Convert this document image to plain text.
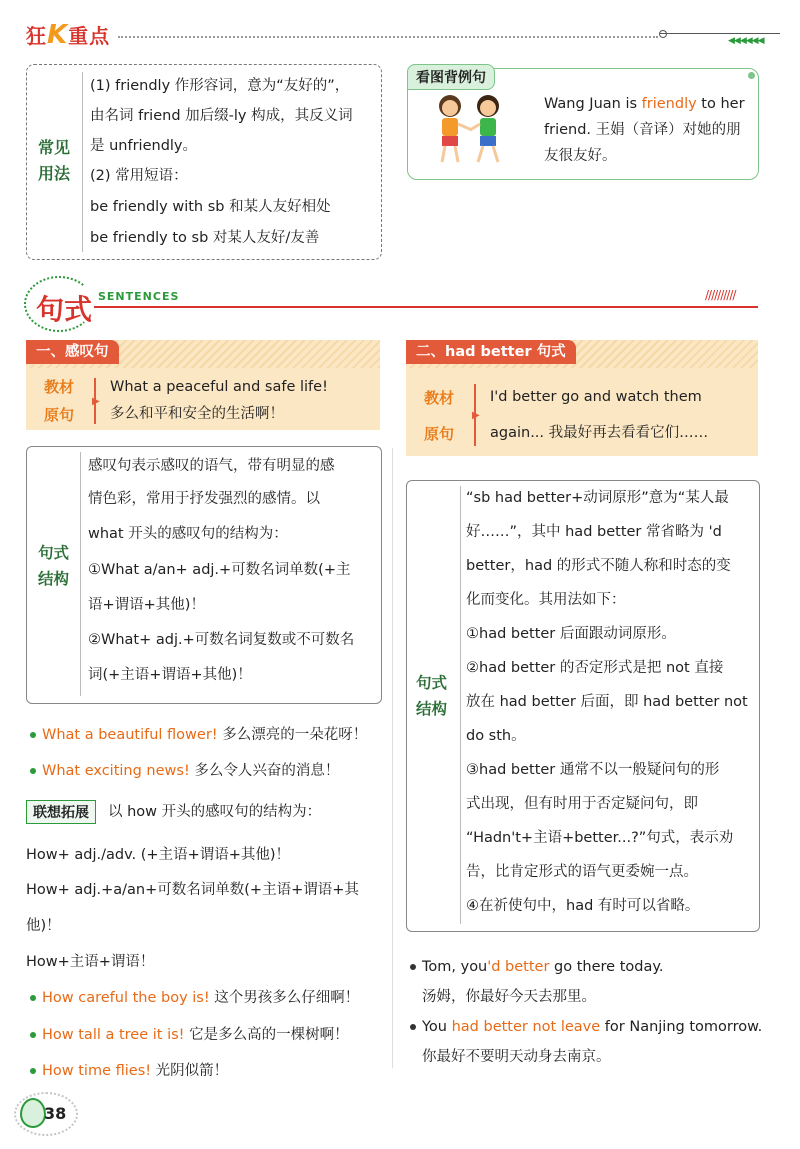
狂K重点	◀◀◀◀◀◀
常见
用法
(1) friendly 作形容词，意为“友好的”，
由名词 friend 加后缀-ly 构成，其反义词
是 unfriendly。
(2) 常用短语：
be friendly with sb 和某人友好相处
be friendly to sb 对某人友好/友善
看图背例句
Wang Juan is friendly to her
friend. 王娟（音译）对她的朋
友很友好。
句式 SENTENCES	//////////
一、感叹句
教材
原句
▶
What a peaceful and safe life!
多么和平和安全的生活啊！
句式
结构
感叹句表示感叹的语气，带有明显的感
情色彩，常用于抒发强烈的感情。以
what 开头的感叹句的结构为：
①What a/an+ adj.+可数名词单数(+主
语+谓语+其他)！
②What+ adj.+可数名词复数或不可数名
词(+主语+谓语+其他)！
What a beautiful flower! 多么漂亮的一朵花呀！
What exciting news! 多么令人兴奋的消息！
联想拓展	以 how 开头的感叹句的结构为：
How+ adj./adv. (+主语+谓语+其他)！
How+ adj.+a/an+可数名词单数(+主语+谓语+其
他)！
How+主语+谓语！
How careful the boy is! 这个男孩多么仔细啊！
How tall a tree it is! 它是多么高的一棵树啊！
How time flies! 光阴似箭！
二、had better 句式
教材
原句
▶
I'd better go and watch them
again... 我最好再去看看它们……
句式
结构
“sb had better+动词原形”意为“某人最
好……”，其中 had better 常省略为 'd
better，had 的形式不随人称和时态的变
化而变化。其用法如下：
①had better 后面跟动词原形。
②had better 的否定形式是把 not 直接
放在 had better 后面，即 had better not
do sth。
③had better 通常不以一般疑问句的形
式出现，但有时用于否定疑问句，即
“Hadn't+主语+better...?”句式，表示劝
告，比肯定形式的语气更委婉一点。
④在祈使句中，had 有时可以省略。
Tom, you'd better go there today.
汤姆，你最好今天去那里。
You had better not leave for Nanjing tomorrow.
你最好不要明天动身去南京。
38
